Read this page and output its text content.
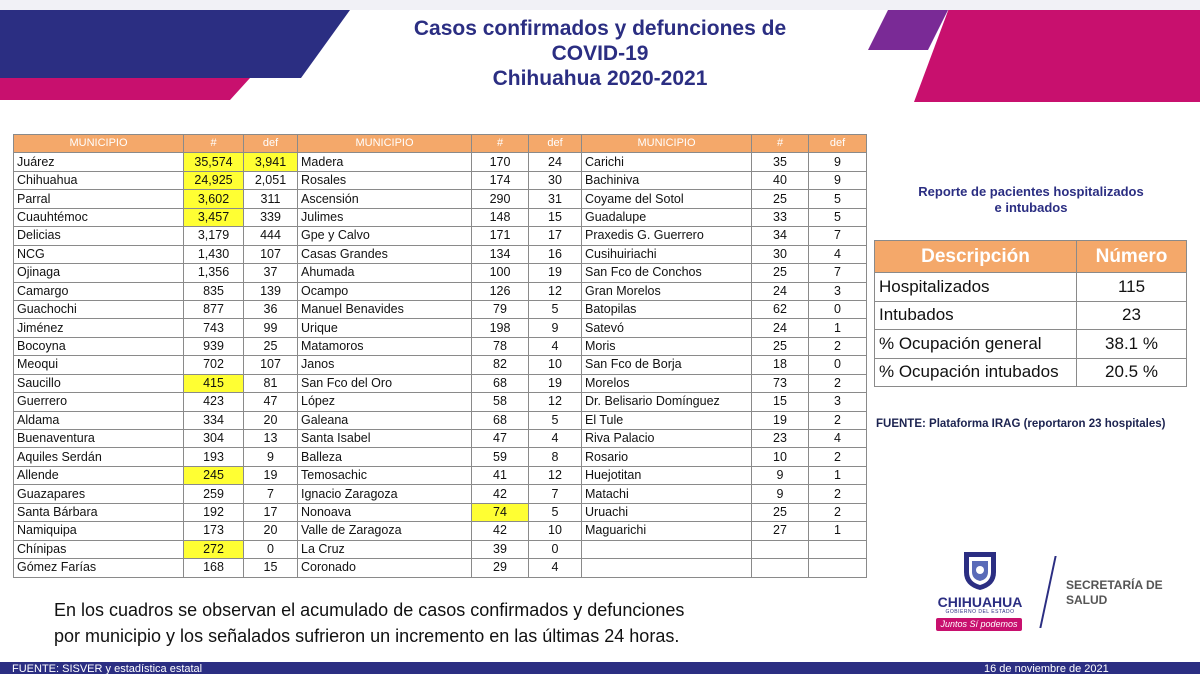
Casos confirmados y defunciones de
COVID-19
Chihuahua 2020-2021
MUNICIPIO	#	def	MUNICIPIO	#	def	MUNICIPIO	#	def
Juárez	35,574	3,941	Madera	170	24	Carichi	35	9
Chihuahua	24,925	2,051	Rosales	174	30	Bachiniva	40	9
Parral	3,602	311	Ascensión	290	31	Coyame del Sotol	25	5
Cuauhtémoc	3,457	339	Julimes	148	15	Guadalupe	33	5
Delicias	3,179	444	Gpe y Calvo	171	17	Praxedis G. Guerrero	34	7
NCG	1,430	107	Casas Grandes	134	16	Cusihuiriachi	30	4
Ojinaga	1,356	37	Ahumada	100	19	San Fco de Conchos	25	7
Camargo	835	139	Ocampo	126	12	Gran Morelos	24	3
Guachochi	877	36	Manuel Benavides	79	5	Batopilas	62	0
Jiménez	743	99	Urique	198	9	Satevó	24	1
Bocoyna	939	25	Matamoros	78	4	Moris	25	2
Meoqui	702	107	Janos	82	10	San Fco de Borja	18	0
Saucillo	415	81	San Fco del Oro	68	19	Morelos	73	2
Guerrero	423	47	López	58	12	Dr. Belisario Domínguez	15	3
Aldama	334	20	Galeana	68	5	El Tule	19	2
Buenaventura	304	13	Santa Isabel	47	4	Riva Palacio	23	4
Aquiles Serdán	193	9	Balleza	59	8	Rosario	10	2
Allende	245	19	Temosachic	41	12	Huejotitan	9	1
Guazapares	259	7	Ignacio Zaragoza	42	7	Matachi	9	2
Santa Bárbara	192	17	Nonoava	74	5	Uruachi	25	2
Namiquipa	173	20	Valle de Zaragoza	42	10	Maguarichi	27	1
Chínipas	272	0	La Cruz	39	0			
Gómez Farías	168	15	Coronado	29	4			
Reporte de pacientes hospitalizados
e intubados
Descripción	Número
Hospitalizados	115
Intubados	23
% Ocupación general	38.1 %
% Ocupación intubados	20.5 %
FUENTE: Plataforma IRAG (reportaron 23 hospitales)
En los cuadros se observan el acumulado de casos confirmados y defunciones
por municipio y los señalados sufrieron un incremento en las últimas 24 horas.
CHIHUAHUA
GOBIERNO DEL ESTADO
Juntos Sí podemos
SECRETARÍA DE
SALUD
FUENTE: SISVER y estadística estatal	16 de noviembre de 2021
